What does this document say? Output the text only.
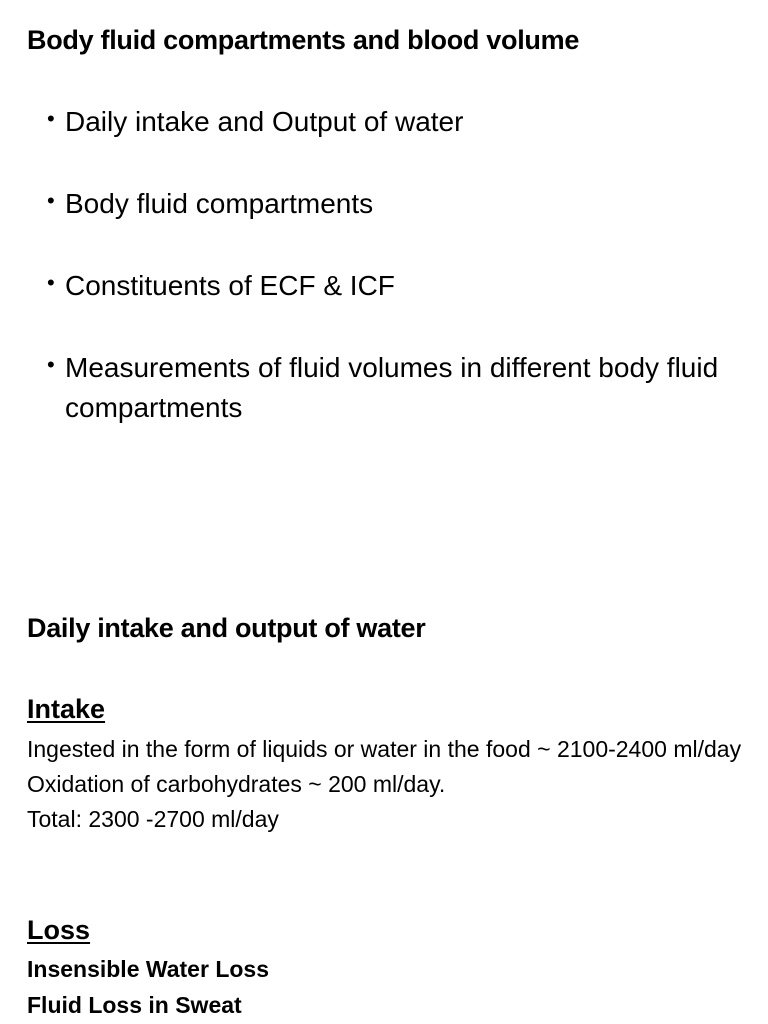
Body fluid compartments and blood volume
• Daily intake and Output of water
• Body fluid compartments
• Constituents of ECF & ICF
• Measurements of fluid volumes in different body fluid compartments
Daily intake and output of water
Intake
Ingested in the form of liquids or water in the food ~ 2100-2400 ml/day
Oxidation of carbohydrates ~ 200 ml/day.
Total: 2300 -2700 ml/day
Loss
Insensible Water Loss
Fluid Loss in Sweat
